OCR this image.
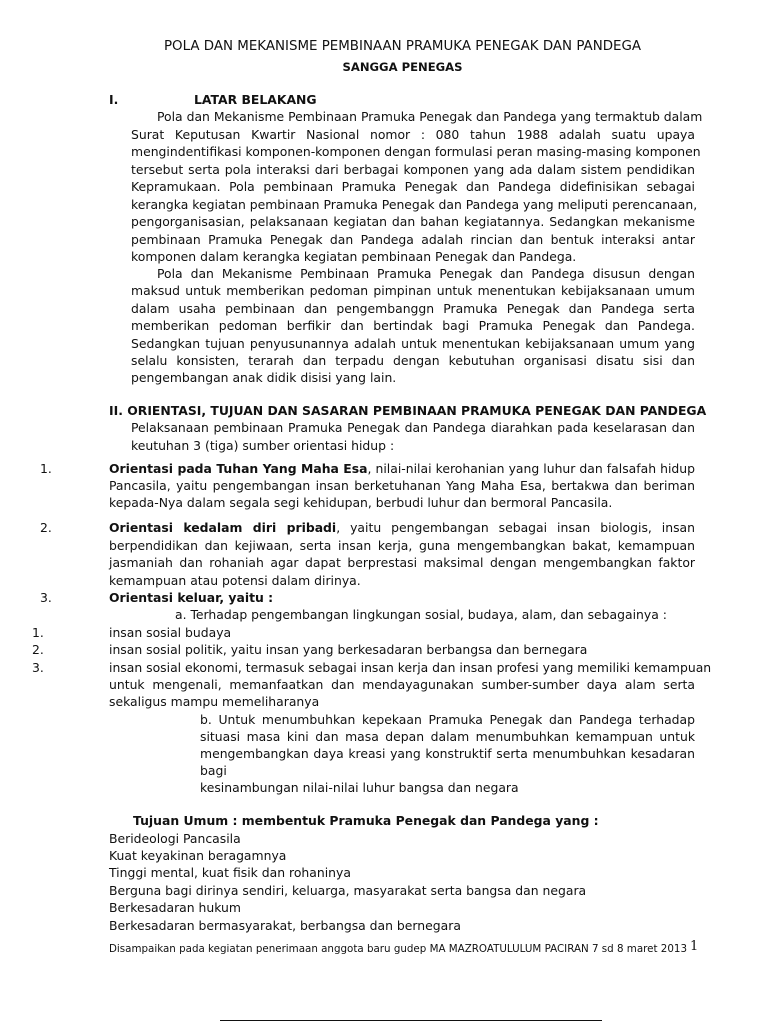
POLA DAN MEKANISME PEMBINAAN PRAMUKA PENEGAK DAN PANDEGA
SANGGA PENEGAS
I.	LATAR BELAKANG
Pola dan Mekanisme Pembinaan Pramuka Penegak dan Pandega yang termaktub dalam
Surat Keputusan Kwartir Nasional nomor : 080 tahun 1988 adalah suatu upaya
mengindentifikasi komponen-komponen dengan formulasi peran masing-masing komponen
tersebut serta pola interaksi dari berbagai komponen yang ada dalam sistem pendidikan
Kepramukaan. Pola pembinaan Pramuka Penegak dan Pandega didefinisikan sebagai
kerangka kegiatan pembinaan Pramuka Penegak dan Pandega yang meliputi perencanaan,
pengorganisasian, pelaksanaan kegiatan dan bahan kegiatannya. Sedangkan mekanisme
pembinaan Pramuka Penegak dan Pandega adalah rincian dan bentuk interaksi antar
komponen dalam kerangka kegiatan pembinaan Penegak dan Pandega.
Pola dan Mekanisme Pembinaan Pramuka Penegak dan Pandega disusun dengan
maksud untuk memberikan pedoman pimpinan untuk menentukan kebijaksanaan umum
dalam usaha pembinaan dan pengembanggn Pramuka Penegak dan Pandega serta
memberikan pedoman berfikir dan bertindak bagi Pramuka Penegak dan Pandega.
Sedangkan tujuan penyusunannya adalah untuk menentukan kebijaksanaan umum yang
selalu konsisten, terarah dan terpadu dengan kebutuhan organisasi disatu sisi dan
pengembangan anak didik disisi yang lain.
II. ORIENTASI, TUJUAN DAN SASARAN PEMBINAAN PRAMUKA PENEGAK DAN PANDEGA
Pelaksanaan pembinaan Pramuka Penegak dan Pandega diarahkan pada keselarasan dan
keutuhan 3 (tiga) sumber orientasi hidup :
1.	Orientasi pada Tuhan Yang Maha Esa, nilai-nilai kerohanian yang luhur dan falsafah hidup
Pancasila, yaitu pengembangan insan berketuhanan Yang Maha Esa, bertakwa dan beriman
kepada-Nya dalam segala segi kehidupan, berbudi luhur dan bermoral Pancasila.
2.	Orientasi kedalam diri pribadi, yaitu pengembangan sebagai insan biologis, insan
berpendidikan dan kejiwaan, serta insan kerja, guna mengembangkan bakat, kemampuan
jasmaniah dan rohaniah agar dapat berprestasi maksimal dengan mengembangkan faktor
kemampuan atau potensi dalam dirinya.
3.	Orientasi keluar, yaitu :
a. Terhadap pengembangan lingkungan sosial, budaya, alam, dan sebagainya :
1.	insan sosial budaya
2.	insan sosial politik, yaitu insan yang berkesadaran berbangsa dan bernegara
3.	insan sosial ekonomi, termasuk sebagai insan kerja dan insan profesi yang memiliki kemampuan
untuk mengenali, memanfaatkan dan mendayagunakan sumber-sumber daya alam serta
sekaligus mampu memeliharanya
b. Untuk menumbuhkan kepekaan Pramuka Penegak dan Pandega terhadap
situasi masa kini dan masa depan dalam menumbuhkan kemampuan untuk
mengembangkan daya kreasi yang konstruktif serta menumbuhkan kesadaran
bagi
kesinambungan nilai-nilai luhur bangsa dan negara
Tujuan Umum : membentuk Pramuka Penegak dan Pandega yang :
Berideologi Pancasila
Kuat keyakinan beragamnya
Tinggi mental, kuat fisik dan rohaninya
Berguna bagi dirinya sendiri, keluarga, masyarakat serta bangsa dan negara
Berkesadaran hukum
Berkesadaran bermasyarakat, berbangsa dan bernegara
Disampaikan pada kegiatan penerimaan anggota baru gudep MA MAZROATULULUM PACIRAN 7 sd 8 maret 2013 1
